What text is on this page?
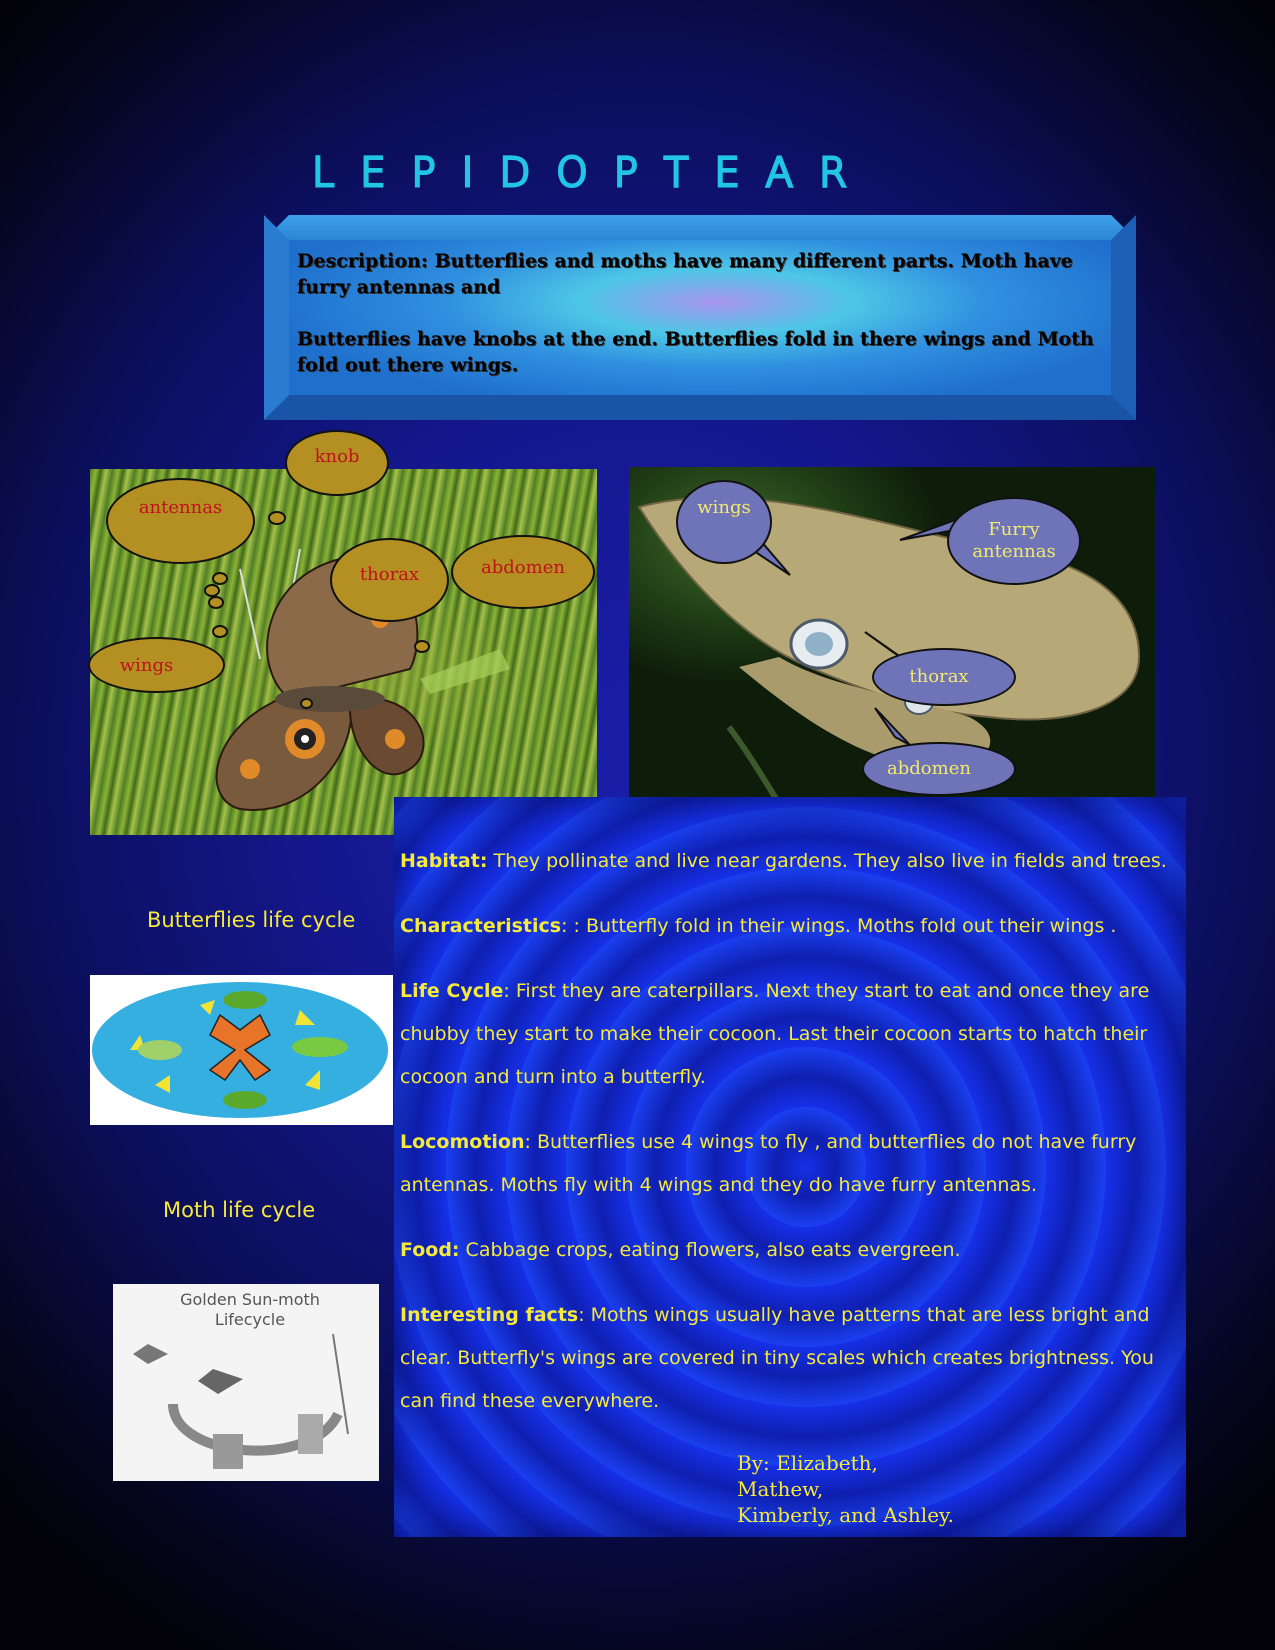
LEPIDOPTEAR

Description: Butterflies and moths have many different parts. Moth have furry antennas and

Butterflies have knobs at the end. Butterflies fold in there wings and Moth fold out there wings.

antennas
knob
thorax	abdomen
wings
wings
Furry antennas
thorax
abdomen
Butterflies life cycle
Moth life cycle
Golden Sun-moth Lifecycle

Habitat: They pollinate and live near gardens. They also live in fields and trees.

Characteristics: : Butterfly fold in their wings. Moths fold out their wings .

Life Cycle: First they are caterpillars. Next they start to eat and once they are chubby they start to make their cocoon. Last their cocoon starts to hatch their cocoon and turn into a butterfly.

Locomotion: Butterflies use 4 wings to fly , and butterflies do not have furry antennas. Moths fly with 4 wings and they do have furry antennas.

Food: Cabbage crops, eating flowers, also eats evergreen.

Interesting facts: Moths wings usually have patterns that are less bright and clear. Butterfly's wings are covered in tiny scales which creates brightness. You can find these everywhere.

By: Elizabeth,
Mathew,
Kimberly, and Ashley.
